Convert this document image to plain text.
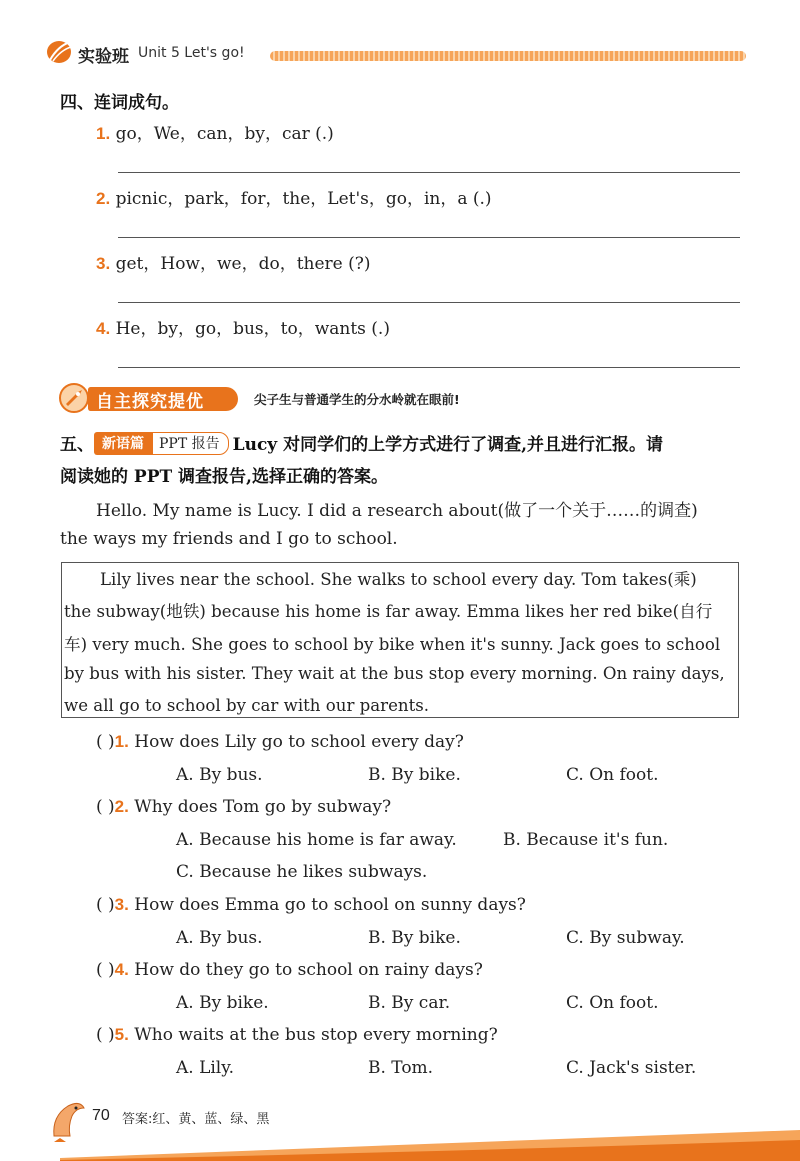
实验班 Unit 5 Let's go!
四、连词成句。
1. go，We，can，by，car (.)
2. picnic，park，for，the，Let's，go，in，a (.)
3. get，How，we，do，there (?)
4. He，by，go，bus，to，wants (.)
自主探究提优	尖子生与普通学生的分水岭就在眼前!
五、 新语篇 PPT 报告 Lucy 对同学们的上学方式进行了调查,并且进行汇报。请
阅读她的 PPT 调查报告,选择正确的答案。
Hello. My name is Lucy. I did a research about(做了一个关于……的调查)
the ways my friends and I go to school.
Lily lives near the school. She walks to school every day. Tom takes(乘)
the subway(地铁) because his home is far away. Emma likes her red bike(自行
车) very much. She goes to school by bike when it's sunny. Jack goes to school
by bus with his sister. They wait at the bus stop every morning. On rainy days,
we all go to school by car with our parents.
( )1. How does Lily go to school every day?
A. By bus.	B. By bike.	C. On foot.
( )2. Why does Tom go by subway?
A. Because his home is far away.	B. Because it's fun.
C. Because he likes subways.
( )3. How does Emma go to school on sunny days?
A. By bus.	B. By bike.	C. By subway.
( )4. How do they go to school on rainy days?
A. By bike.	B. By car.	C. On foot.
( )5. Who waits at the bus stop every morning?
A. Lily.	B. Tom.	C. Jack's sister.
70 答案:红、黄、蓝、绿、黑
